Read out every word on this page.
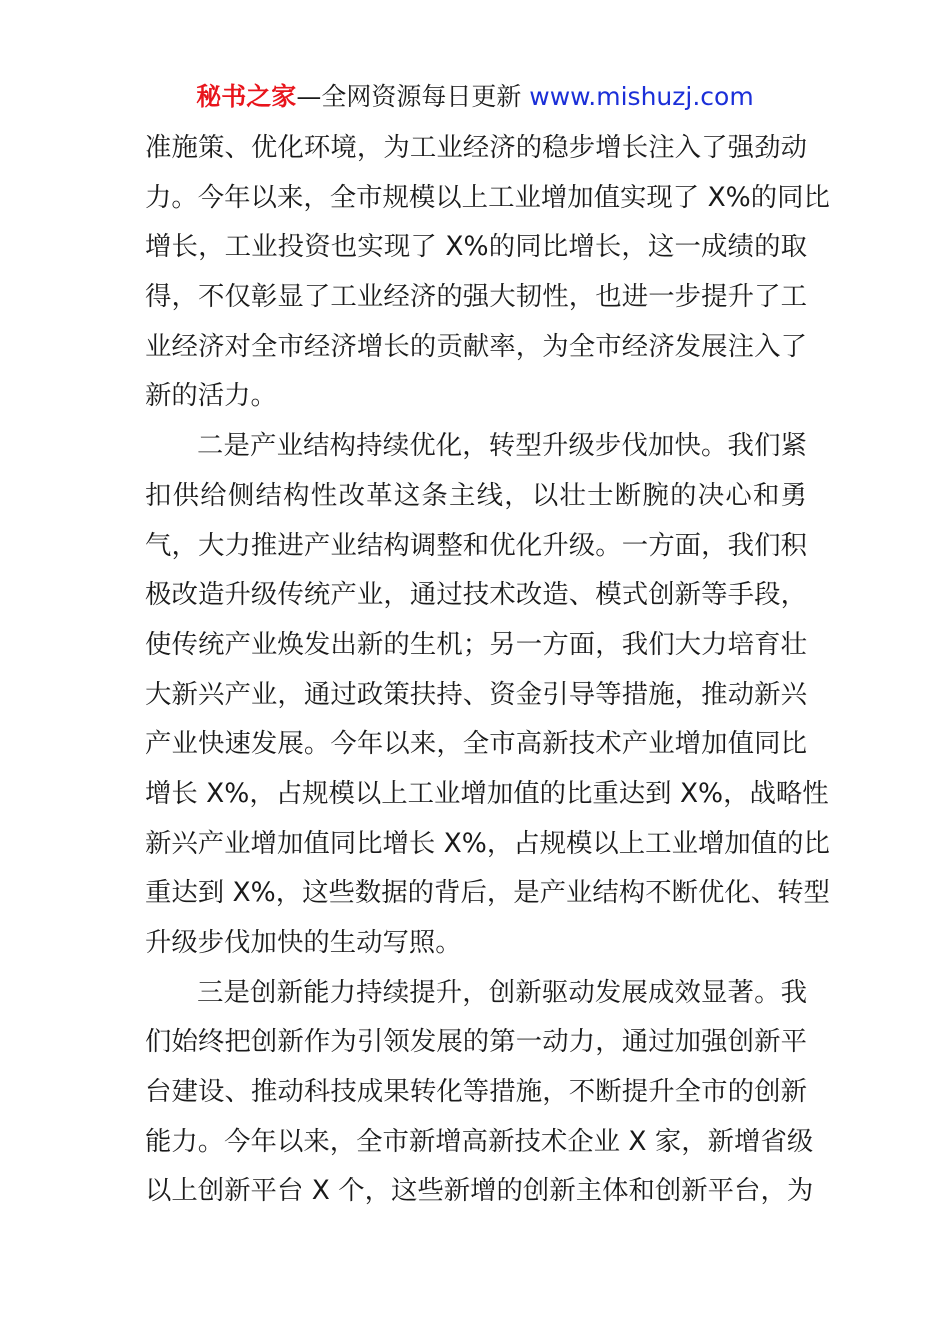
秘书之家—全网资源每日更新 www.mishuzj.com
准施策、优化环境，为工业经济的稳步增长注入了强劲动
力。今年以来，全市规模以上工业增加值实现了 X%的同比
增长，工业投资也实现了 X%的同比增长，这一成绩的取
得，不仅彰显了工业经济的强大韧性，也进一步提升了工
业经济对全市经济增长的贡献率，为全市经济发展注入了
新的活力。
二是产业结构持续优化，转型升级步伐加快。我们紧
扣供给侧结构性改革这条主线，以壮士断腕的决心和勇
气，大力推进产业结构调整和优化升级。一方面，我们积
极改造升级传统产业，通过技术改造、模式创新等手段，
使传统产业焕发出新的生机；另一方面，我们大力培育壮
大新兴产业，通过政策扶持、资金引导等措施，推动新兴
产业快速发展。今年以来，全市高新技术产业增加值同比
增长 X%，占规模以上工业增加值的比重达到 X%，战略性
新兴产业增加值同比增长 X%，占规模以上工业增加值的比
重达到 X%，这些数据的背后，是产业结构不断优化、转型
升级步伐加快的生动写照。
三是创新能力持续提升，创新驱动发展成效显著。我
们始终把创新作为引领发展的第一动力，通过加强创新平
台建设、推动科技成果转化等措施，不断提升全市的创新
能力。今年以来，全市新增高新技术企业 X 家，新增省级
以上创新平台 X 个，这些新增的创新主体和创新平台，为
